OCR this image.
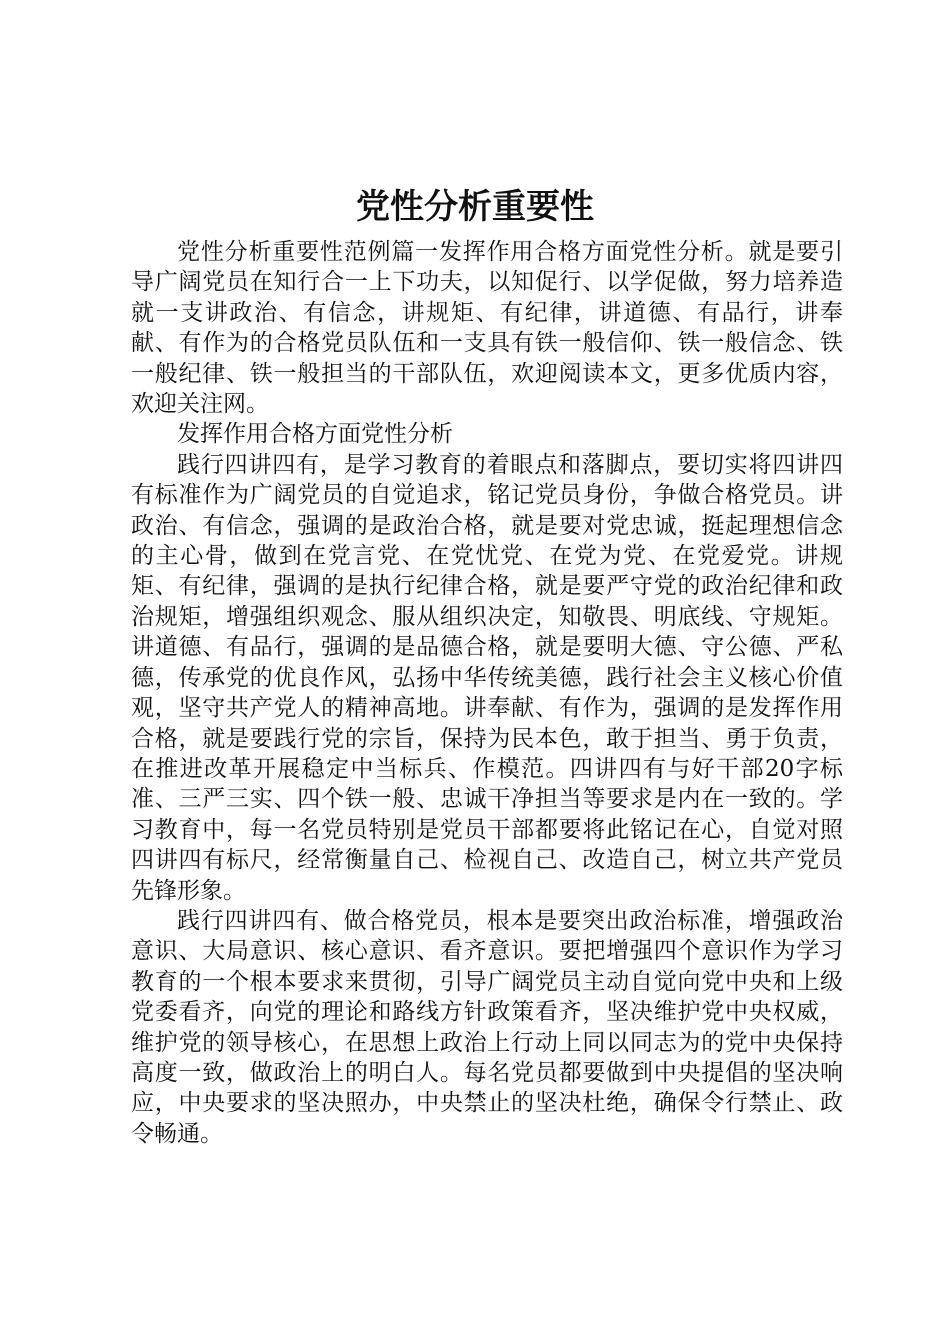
党性分析重要性

党性分析重要性范例篇一发挥作用合格方面党性分析。就是要引导广阔党员在知行合一上下功夫，以知促行、以学促做，努力培养造就一支讲政治、有信念，讲规矩、有纪律，讲道德、有品行，讲奉献、有作为的合格党员队伍和一支具有铁一般信仰、铁一般信念、铁一般纪律、铁一般担当的干部队伍，欢迎阅读本文，更多优质内容，欢迎关注网。

发挥作用合格方面党性分析

践行四讲四有，是学习教育的着眼点和落脚点，要切实将四讲四有标准作为广阔党员的自觉追求，铭记党员身份，争做合格党员。讲政治、有信念，强调的是政治合格，就是要对党忠诚，挺起理想信念的主心骨，做到在党言党、在党忧党、在党为党、在党爱党。讲规矩、有纪律，强调的是执行纪律合格，就是要严守党的政治纪律和政治规矩，增强组织观念、服从组织决定，知敬畏、明底线、守规矩。讲道德、有品行，强调的是品德合格，就是要明大德、守公德、严私德，传承党的优良作风，弘扬中华传统美德，践行社会主义核心价值观，坚守共产党人的精神高地。讲奉献、有作为，强调的是发挥作用合格，就是要践行党的宗旨，保持为民本色，敢于担当、勇于负责，在推进改革开展稳定中当标兵、作模范。四讲四有与好干部20字标准、三严三实、四个铁一般、忠诚干净担当等要求是内在一致的。学习教育中，每一名党员特别是党员干部都要将此铭记在心，自觉对照四讲四有标尺，经常衡量自己、检视自己、改造自己，树立共产党员先锋形象。

践行四讲四有、做合格党员，根本是要突出政治标准，增强政治意识、大局意识、核心意识、看齐意识。要把增强四个意识作为学习教育的一个根本要求来贯彻，引导广阔党员主动自觉向党中央和上级党委看齐，向党的理论和路线方针政策看齐，坚决维护党中央权威，维护党的领导核心，在思想上政治上行动上同以同志为的党中央保持高度一致，做政治上的明白人。每名党员都要做到中央提倡的坚决响应，中央要求的坚决照办，中央禁止的坚决杜绝，确保令行禁止、政令畅通。
